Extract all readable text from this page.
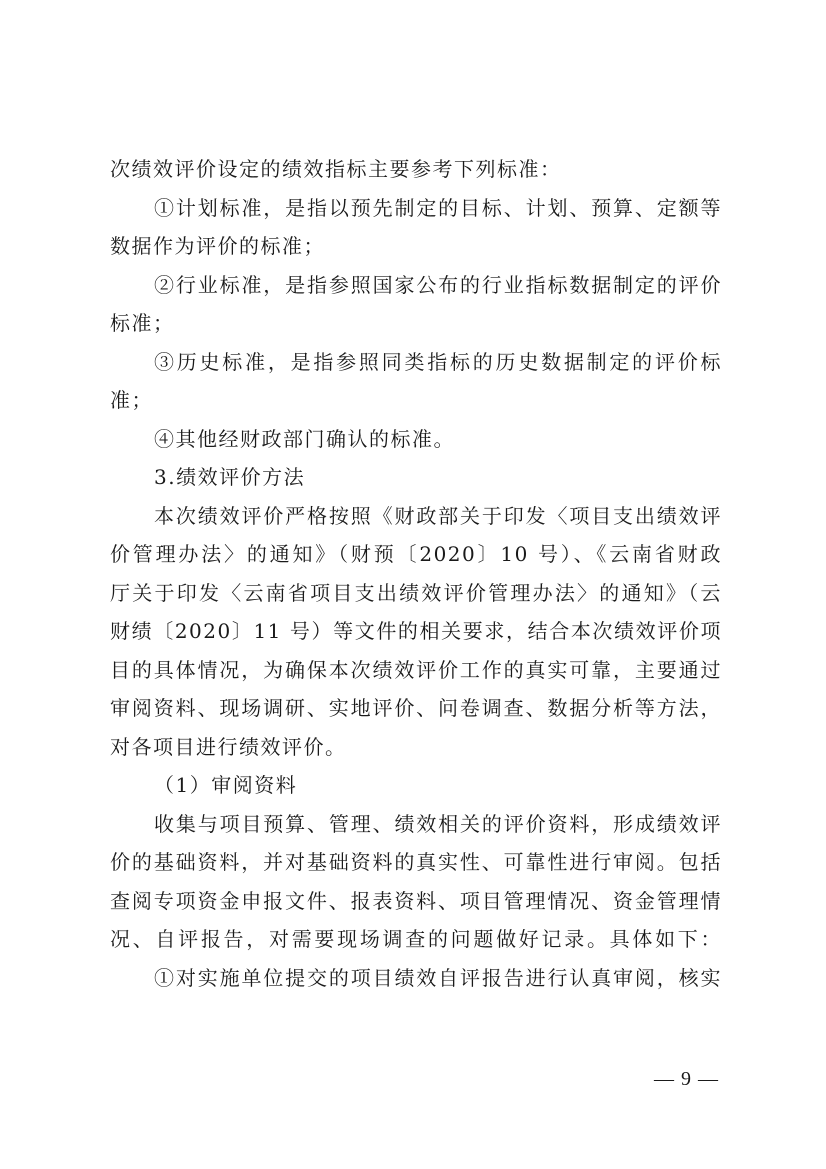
次绩效评价设定的绩效指标主要参考下列标准：
①计划标准，是指以预先制定的目标、计划、预算、定额等
数据作为评价的标准；
②行业标准，是指参照国家公布的行业指标数据制定的评价
标准；
③历史标准，是指参照同类指标的历史数据制定的评价标
准；
④其他经财政部门确认的标准。
3.绩效评价方法
本次绩效评价严格按照《财政部关于印发〈项目支出绩效评
价管理办法〉的通知》（财预〔2020〕10 号）、《云南省财政
厅关于印发〈云南省项目支出绩效评价管理办法〉的通知》（云
财绩〔2020〕11 号）等文件的相关要求，结合本次绩效评价项
目的具体情况，为确保本次绩效评价工作的真实可靠，主要通过
审阅资料、现场调研、实地评价、问卷调查、数据分析等方法，
对各项目进行绩效评价。
（1）审阅资料
收集与项目预算、管理、绩效相关的评价资料，形成绩效评
价的基础资料，并对基础资料的真实性、可靠性进行审阅。包括
查阅专项资金申报文件、报表资料、项目管理情况、资金管理情
况、自评报告，对需要现场调查的问题做好记录。具体如下：
①对实施单位提交的项目绩效自评报告进行认真审阅，核实
— 9 —
